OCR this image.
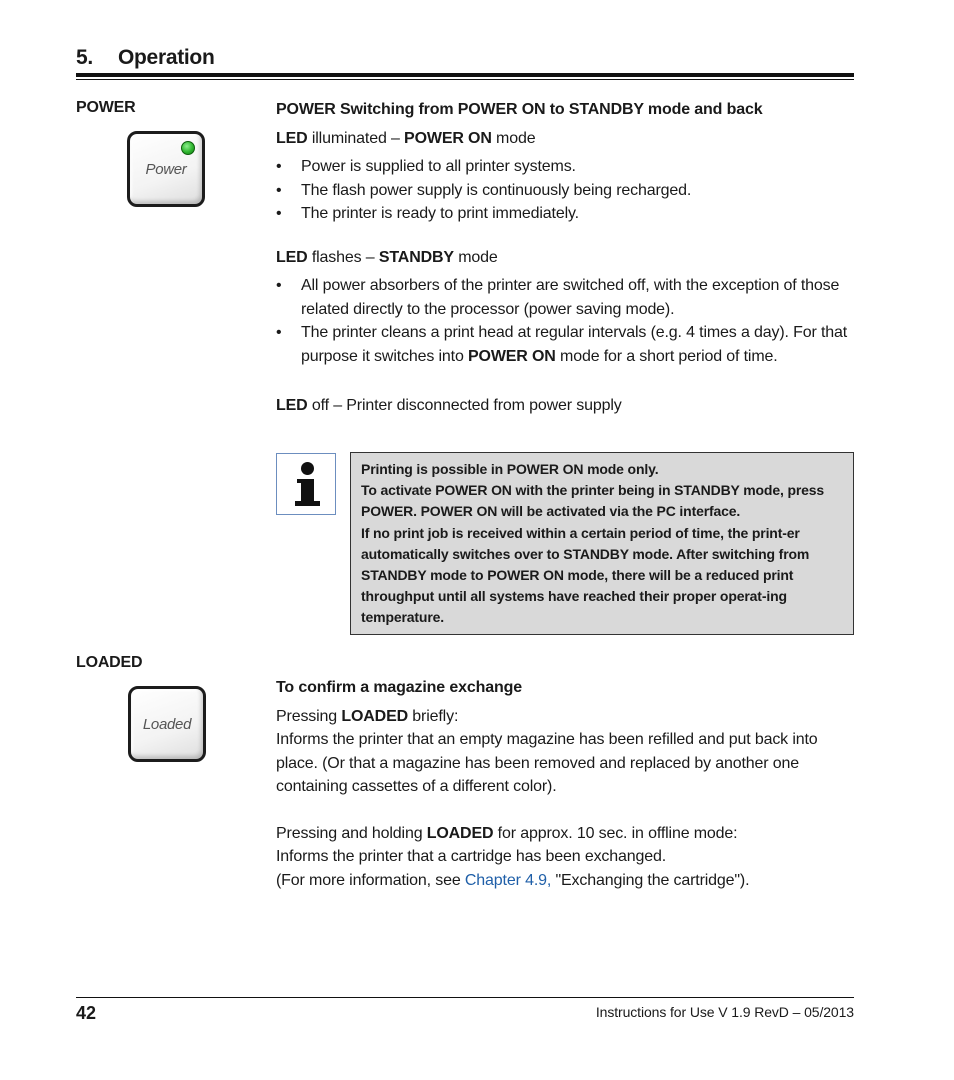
5. Operation
POWER
Power

POWER Switching from POWER ON to STANDBY mode and back

LED illuminated – POWER ON mode

• Power is supplied to all printer systems.
• The flash power supply is continuously being recharged.
• The printer is ready to print immediately.

LED flashes – STANDBY mode

• All power absorbers of the printer are switched off, with the exception of those related directly to the processor (power saving mode).
• The printer cleans a print head at regular intervals (e.g. 4 times a day). For that purpose it switches into POWER ON mode for a short period of time.

LED off – Printer disconnected from power supply

Printing is possible in POWER ON mode only.

To activate POWER ON with the printer being in STANDBY mode, press POWER. POWER ON will be activated via the PC interface.

If no print job is received within a certain period of time, the print-er automatically switches over to STANDBY mode. After switching from STANDBY mode to POWER ON mode, there will be a reduced print throughput until all systems have reached their proper operat-ing temperature.

LOADED
Loaded

To confirm a magazine exchange

Pressing LOADED briefly:

Informs the printer that an empty magazine has been refilled and put back into place. (Or that a magazine has been removed and replaced by another one containing cassettes of a different color).

Pressing and holding LOADED for approx. 10 sec. in offline mode:

Informs the printer that a cartridge has been exchanged.

(For more information, see Chapter 4.9, "Exchanging the cartridge").

42	Instructions for Use V 1.9 RevD – 05/2013
